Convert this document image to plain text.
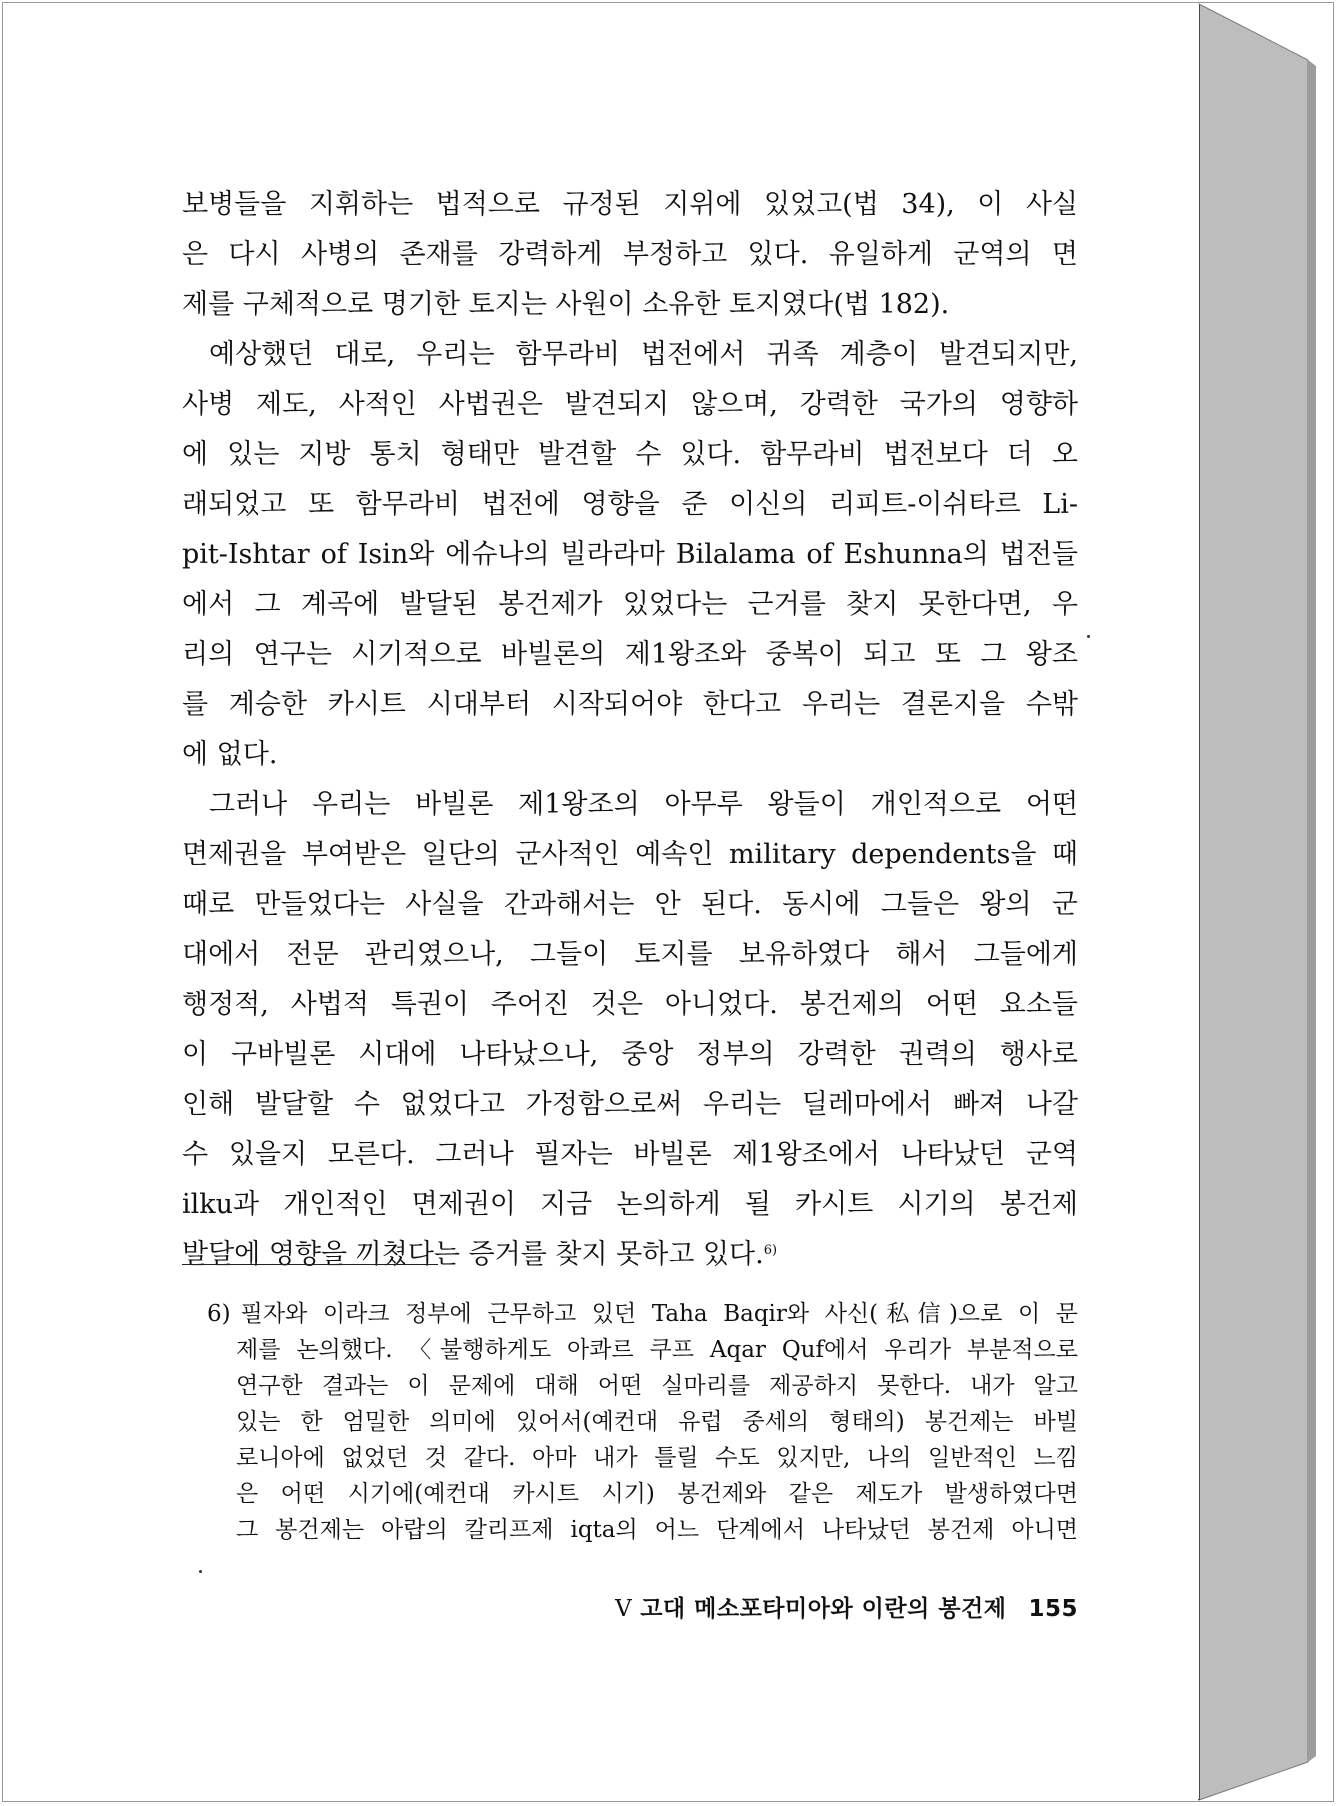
보병들을 지휘하는 법적으로 규정된 지위에 있었고(법 34), 이 사실
은 다시 사병의 존재를 강력하게 부정하고 있다. 유일하게 군역의 면
제를 구체적으로 명기한 토지는 사원이 소유한 토지였다(법 182).
예상했던 대로, 우리는 함무라비 법전에서 귀족 계층이 발견되지만,
사병 제도, 사적인 사법권은 발견되지 않으며, 강력한 국가의 영향하
에 있는 지방 통치 형태만 발견할 수 있다. 함무라비 법전보다 더 오
래되었고 또 함무라비 법전에 영향을 준 이신의 리피트-이쉬타르 Li-
pit-Ishtar of Isin와 에슈나의 빌라라마 Bilalama of Eshunna의 법전들
에서 그 계곡에 발달된 봉건제가 있었다는 근거를 찾지 못한다면, 우
리의 연구는 시기적으로 바빌론의 제1왕조와 중복이 되고 또 그 왕조
를 계승한 카시트 시대부터 시작되어야 한다고 우리는 결론지을 수밖
에 없다.
그러나 우리는 바빌론 제1왕조의 아무루 왕들이 개인적으로 어떤
면제권을 부여받은 일단의 군사적인 예속인 military dependents을 때
때로 만들었다는 사실을 간과해서는 안 된다. 동시에 그들은 왕의 군
대에서 전문 관리였으나, 그들이 토지를 보유하였다 해서 그들에게
행정적, 사법적 특권이 주어진 것은 아니었다. 봉건제의 어떤 요소들
이 구바빌론 시대에 나타났으나, 중앙 정부의 강력한 권력의 행사로
인해 발달할 수 없었다고 가정함으로써 우리는 딜레마에서 빠져 나갈
수 있을지 모른다. 그러나 필자는 바빌론 제1왕조에서 나타났던 군역
ilku과 개인적인 면제권이 지금 논의하게 될 카시트 시기의 봉건제
발달에 영향을 끼쳤다는 증거를 찾지 못하고 있다.$^{6)}$
6) 필자와 이라크 정부에 근무하고 있던 Taha Baqir와 사신(私信)으로 이 문
제를 논의했다. 〈불행하게도 아콰르 쿠프 Aqar Quf에서 우리가 부분적으로
연구한 결과는 이 문제에 대해 어떤 실마리를 제공하지 못한다. 내가 알고
있는 한 엄밀한 의미에 있어서(예컨대 유럽 중세의 형태의) 봉건제는 바빌
로니아에 없었던 것 같다. 아마 내가 틀릴 수도 있지만, 나의 일반적인 느낌
은 어떤 시기에(예컨대 카시트 시기) 봉건제와 같은 제도가 발생하였다면
그 봉건제는 아랍의 칼리프제 iqta의 어느 단계에서 나타났던 봉건제 아니면
V 고대 메소포타미아와 이란의 봉건제 155
